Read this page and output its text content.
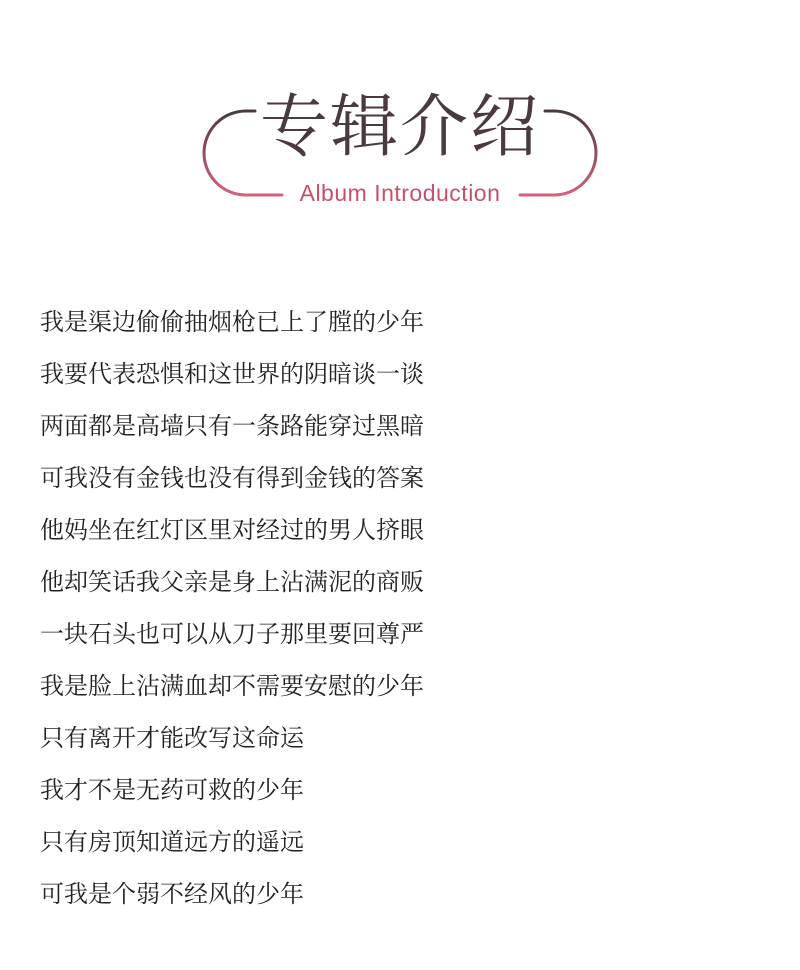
专辑介绍
Album Introduction
我是渠边偷偷抽烟枪已上了膛的少年
我要代表恐惧和这世界的阴暗谈一谈
两面都是高墙只有一条路能穿过黑暗
可我没有金钱也没有得到金钱的答案
他妈坐在红灯区里对经过的男人挤眼
他却笑话我父亲是身上沾满泥的商贩
一块石头也可以从刀子那里要回尊严
我是脸上沾满血却不需要安慰的少年
只有离开才能改写这命运
我才不是无药可救的少年
只有房顶知道远方的遥远
可我是个弱不经风的少年
